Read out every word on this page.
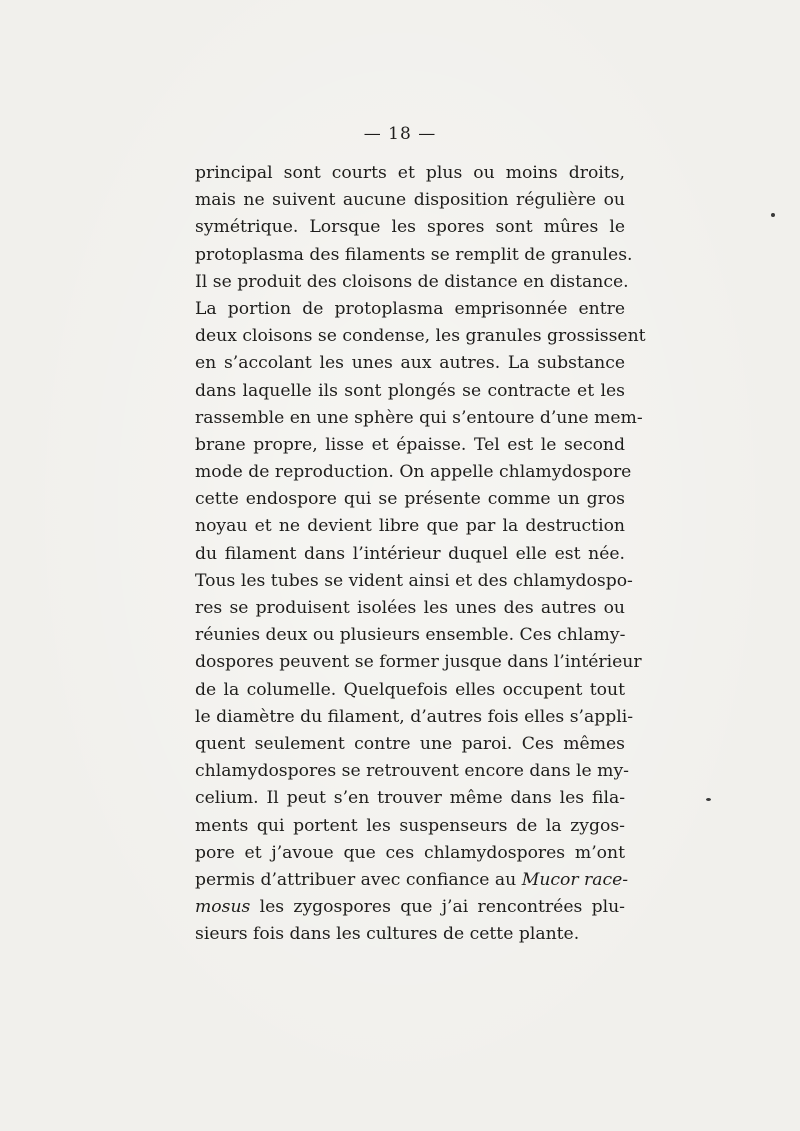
— 18 —
principal sont courts et plus ou moins droits,
mais ne suivent aucune disposition régulière ou
symétrique. Lorsque les spores sont mûres le
protoplasma des filaments se remplit de granules.
Il se produit des cloisons de distance en distance.
La portion de protoplasma emprisonnée entre
deux cloisons se condense, les granules grossissent
en s’accolant les unes aux autres. La substance
dans laquelle ils sont plongés se contracte et les
rassemble en une sphère qui s’entoure d’une mem-
brane propre, lisse et épaisse. Tel est le second
mode de reproduction. On appelle chlamydospore
cette endospore qui se présente comme un gros
noyau et ne devient libre que par la destruction
du filament dans l’intérieur duquel elle est née.
Tous les tubes se vident ainsi et des chlamydospo-
res se produisent isolées les unes des autres ou
réunies deux ou plusieurs ensemble. Ces chlamy-
dospores peuvent se former jusque dans l’intérieur
de la columelle. Quelquefois elles occupent tout
le diamètre du filament, d’autres fois elles s’appli-
quent seulement contre une paroi. Ces mêmes
chlamydospores se retrouvent encore dans le my-
celium. Il peut s’en trouver même dans les fila-
ments qui portent les suspenseurs de la zygos-
pore et j’avoue que ces chlamydospores m’ont
permis d’attribuer avec confiance au Mucor race-
mosus les zygospores que j’ai rencontrées plu-
sieurs fois dans les cultures de cette plante.
